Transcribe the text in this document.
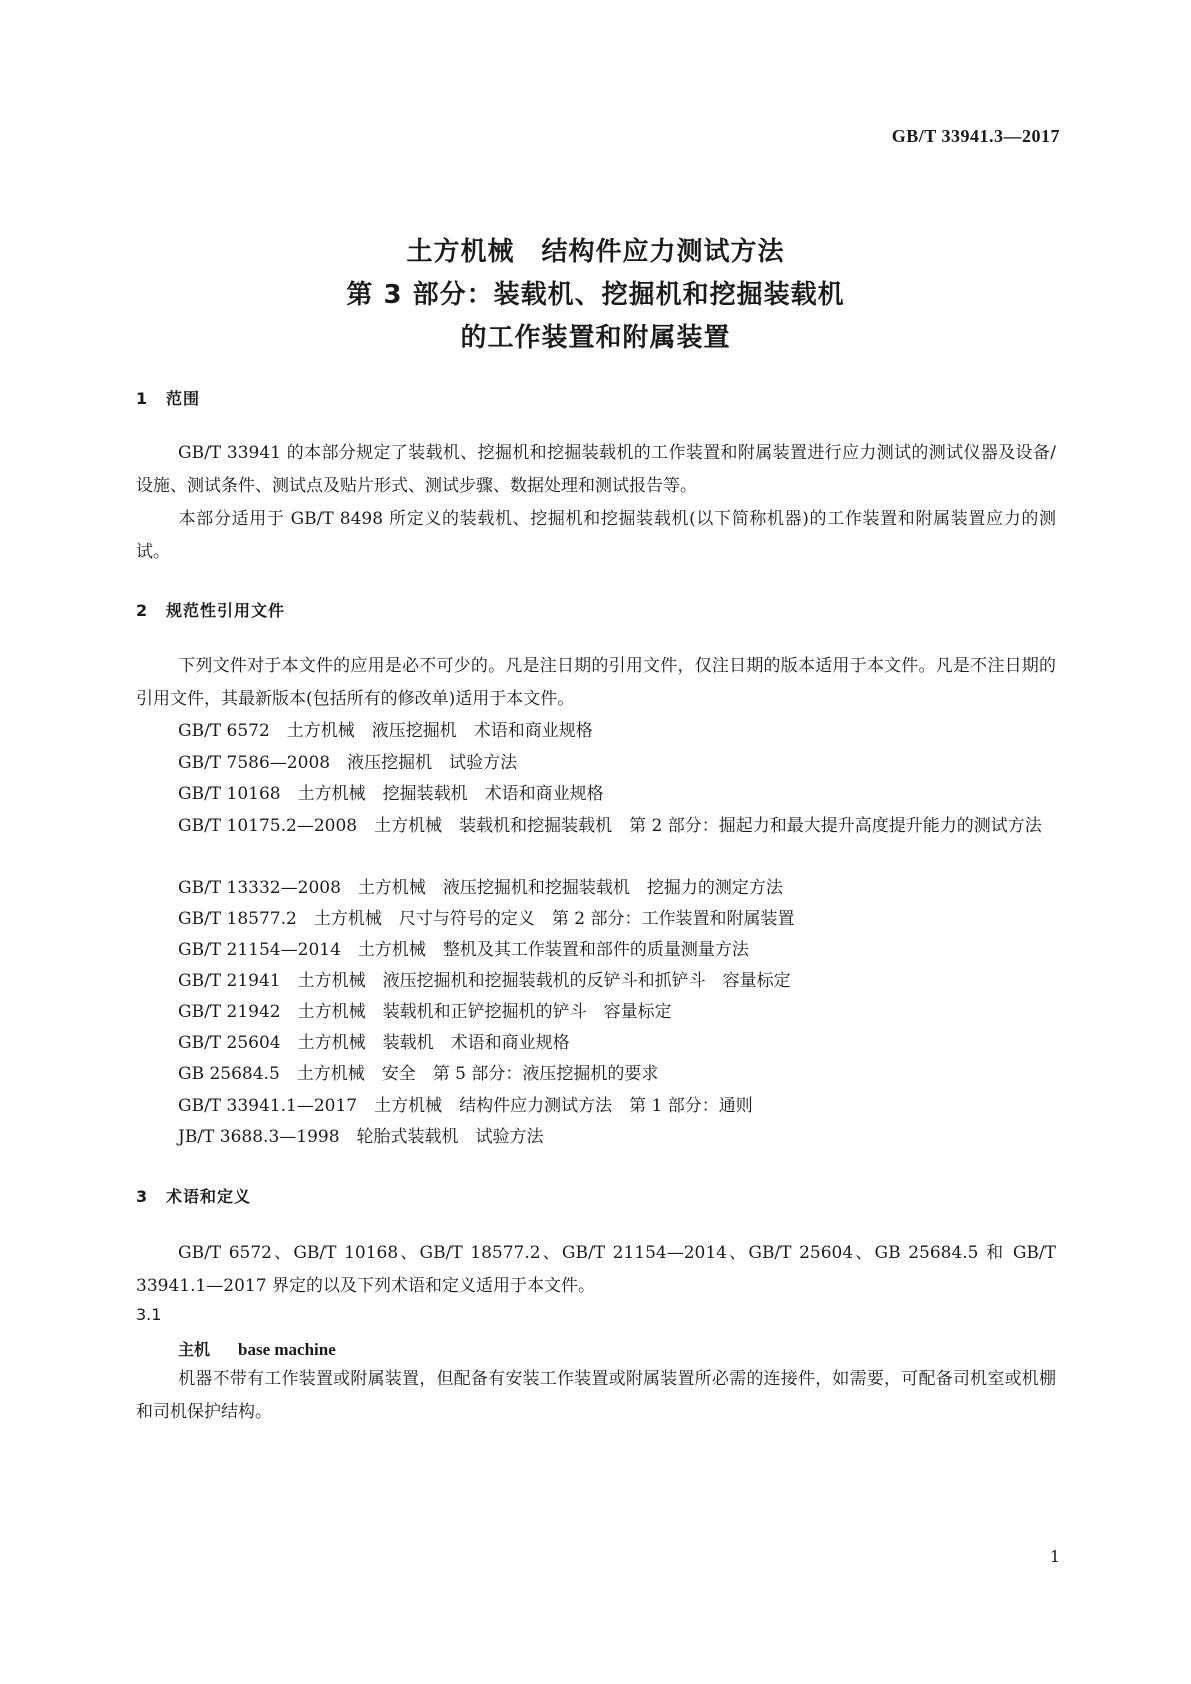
GB/T 33941.3—2017
土方机械　结构件应力测试方法
第 3 部分：装载机、挖掘机和挖掘装载机
的工作装置和附属装置
1 范围
GB/T 33941 的本部分规定了装载机、挖掘机和挖掘装载机的工作装置和附属装置进行应力测试的测试仪器及设备/设施、测试条件、测试点及贴片形式、测试步骤、数据处理和测试报告等。
本部分适用于 GB/T 8498 所定义的装载机、挖掘机和挖掘装载机(以下简称机器)的工作装置和附属装置应力的测试。
2 规范性引用文件
下列文件对于本文件的应用是必不可少的。凡是注日期的引用文件，仅注日期的版本适用于本文件。凡是不注日期的引用文件，其最新版本(包括所有的修改单)适用于本文件。
GB/T 6572　土方机械　液压挖掘机　术语和商业规格
GB/T 7586—2008　液压挖掘机　试验方法
GB/T 10168　土方机械　挖掘装载机　术语和商业规格
GB/T 10175.2—2008　土方机械　装载机和挖掘装载机　第 2 部分：掘起力和最大提升高度提升能力的测试方法
GB/T 13332—2008　土方机械　液压挖掘机和挖掘装载机　挖掘力的测定方法
GB/T 18577.2　土方机械　尺寸与符号的定义　第 2 部分：工作装置和附属装置
GB/T 21154—2014　土方机械　整机及其工作装置和部件的质量测量方法
GB/T 21941　土方机械　液压挖掘机和挖掘装载机的反铲斗和抓铲斗　容量标定
GB/T 21942　土方机械　装载机和正铲挖掘机的铲斗　容量标定
GB/T 25604　土方机械　装载机　术语和商业规格
GB 25684.5　土方机械　安全　第 5 部分：液压挖掘机的要求
GB/T 33941.1—2017　土方机械　结构件应力测试方法　第 1 部分：通则
JB/T 3688.3—1998　轮胎式装载机　试验方法
3 术语和定义
GB/T 6572、GB/T 10168、GB/T 18577.2、GB/T 21154—2014、GB/T 25604、GB 25684.5 和 GB/T 33941.1—2017 界定的以及下列术语和定义适用于本文件。
3.1
主机 base machine
机器不带有工作装置或附属装置，但配备有安装工作装置或附属装置所必需的连接件，如需要，可配备司机室或机棚和司机保护结构。
1
